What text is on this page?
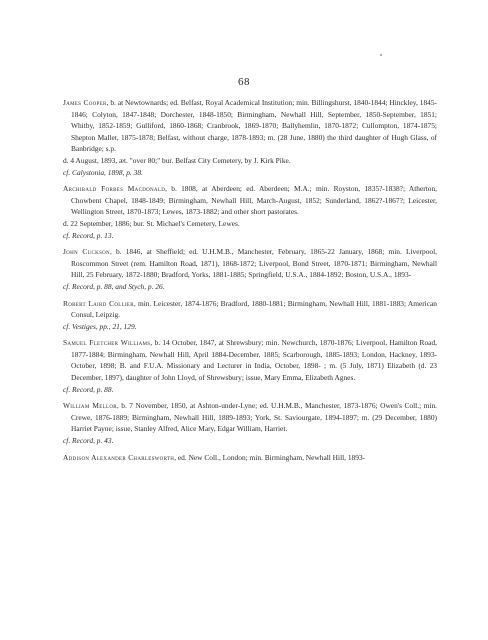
68

James Cooper, b. at Newtownards; ed. Belfast, Royal Academical Institution; min. Billingshurst, 1840-1844; Hinckley, 1845-1846; Colyton, 1847-1848; Dorchester, 1848-1850; Birmingham, Newhall Hill, September, 1850-September, 1851; Whitby, 1852-1859; Gulliford, 1860-1868; Cranbrook, 1869-1870; Ballyhemlin, 1870-1872; Cullompton, 1874-1875; Shepton Mallet, 1875-1878; Belfast, without charge, 1878-1893; m. (28 June, 1880) the third daughter of Hugh Glass, of Banbridge; s.p.

d. 4 August, 1893, æt. "over 80;" bur. Belfast City Cemetery, by J. Kirk Pike.

cf. Calystonia, 1898, p. 38.

Archibald Forbes Macdonald, b. 1808, at Aberdeen; ed. Aberdeen; M.A.; min. Royston, 1835?-1838?; Atherton, Chowbent Chapel, 1848-1849; Birmingham, Newhall Hill, March-August, 1852; Sunderland, 1862?-1867?; Leicester, Wellington Street, 1870-1873; Lewes, 1873-1882; and other short pastorates.

d. 22 September, 1886; bur. St. Michael's Cemetery, Lewes.

cf. Record, p. 13.

John Cuckson, b. 1846, at Sheffield; ed. U.H.M.B., Manchester, February, 1865-22 January, 1868; min. Liverpool, Roscommon Street (rem. Hamilton Road, 1871), 1868-1872; Liverpool, Bond Street, 1870-1871; Birmingham, Newhall Hill, 25 February, 1872-1880; Bradford, Yorks, 1881-1885; Springfield, U.S.A., 1884-1892; Boston, U.S.A., 1893-

cf. Record, p. 88, and Stych, p. 26.

Robert Laird Collier, min. Leicester, 1874-1876; Bradford, 1880-1881; Birmingham, Newhall Hill, 1881-1883; American Consul, Leipzig.

cf. Vestiges, pp., 21, 129.

Samuel Fletcher Williams, b. 14 October, 1847, at Shrewsbury; min. Newchurch, 1870-1876; Liverpool, Hamilton Road, 1877-1884; Birmingham, Newhall Hill, April 1884-December, 1885; Scarborough, 1885-1893; London, Hackney, 1893-October, 1898; B. and F.U.A. Missionary and Lecturer in India, October, 1898- ; m. (5 July, 1871) Elizabeth (d. 23 December, 1897), daughter of John Lloyd, of Shrewsbury; issue, Mary Emma, Elizabeth Agnes.

cf. Record, p. 88.

William Mellor, b. 7 November, 1850, at Ashton-under-Lyne; ed. U.H.M.B., Manchester, 1873-1876; Owen's Coll.; min. Crewe, 1876-1889; Birmingham, Newhall Hill, 1889-1893; York, St. Saviourgate, 1894-1897; m. (29 December, 1880) Harriet Payne; issue, Stanley Alfred, Alice Mary, Edgar William, Harriet.

cf. Record, p. 43.

Addison Alexander Charlesworth, ed. New Coll., London; min. Birmingham, Newhall Hill, 1893-
